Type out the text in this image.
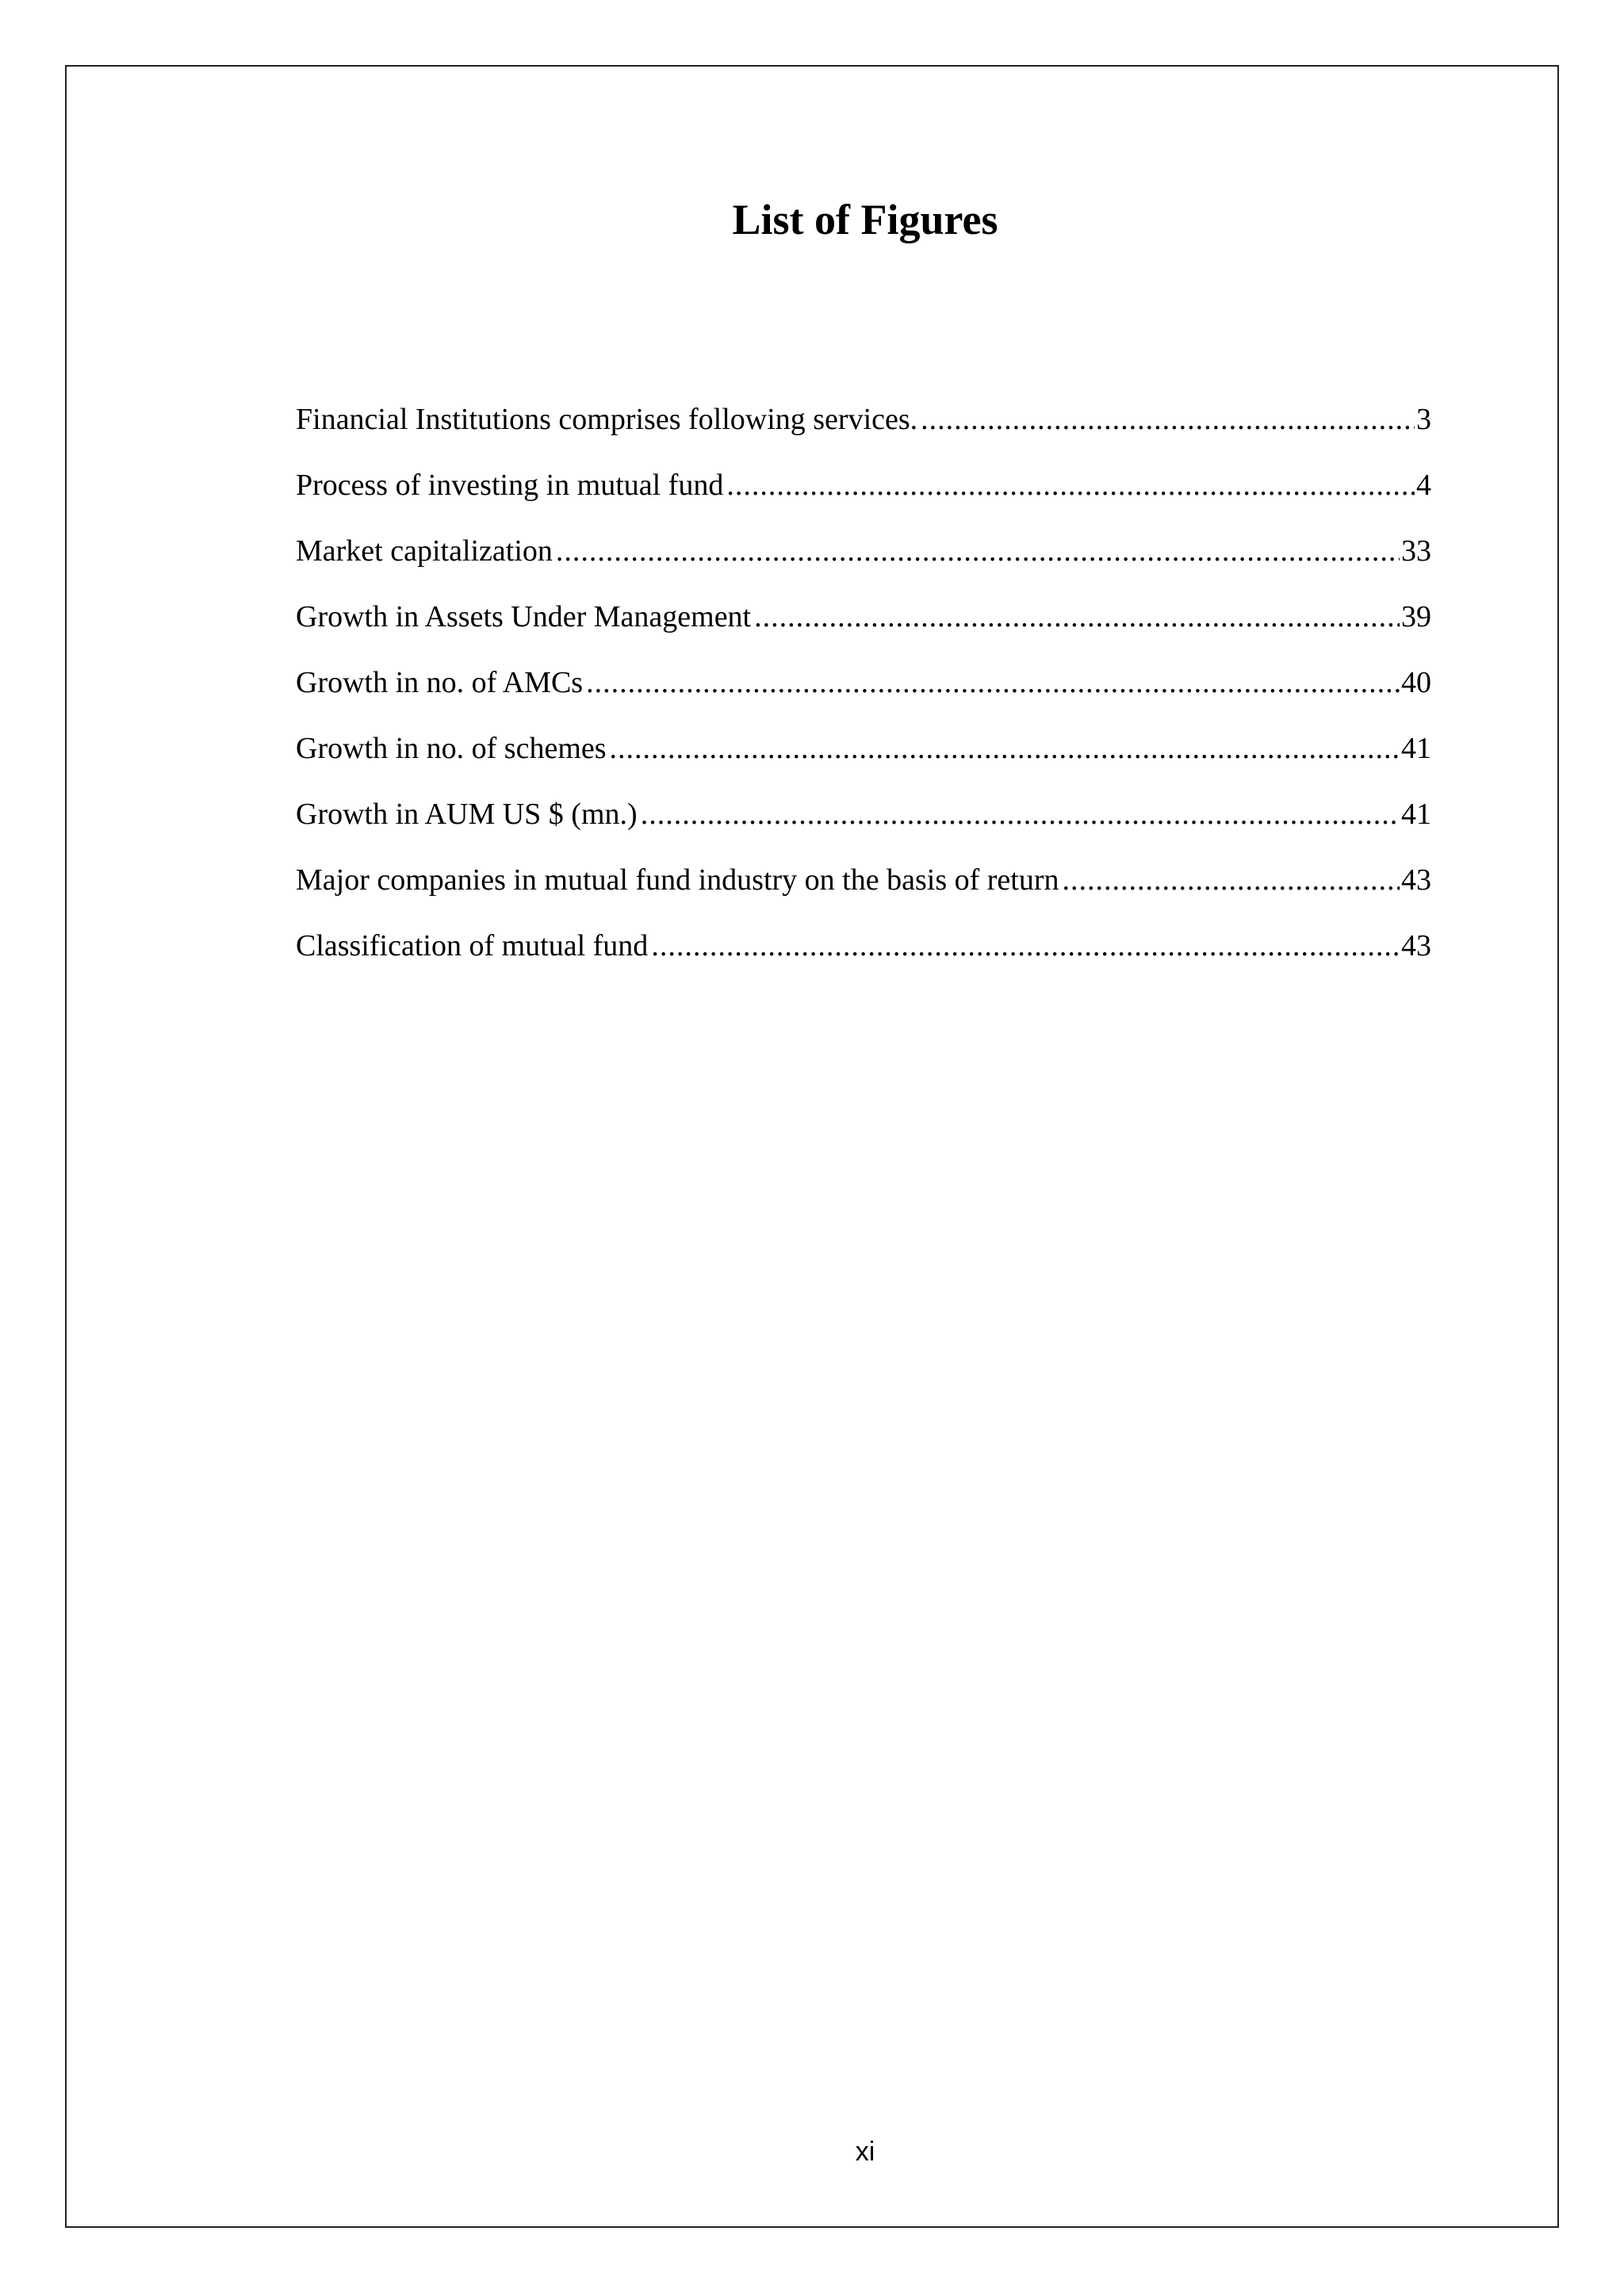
List of Figures
Financial Institutions comprises following services. .....	3
Process of investing in mutual fund .....	4
Market capitalization .....	33
Growth in Assets Under Management .....	39
Growth in no. of AMCs .....	40
Growth in no. of schemes .....	41
Growth in AUM US $ (mn.) .....	41
Major companies in mutual fund industry on the basis of return .....	43
Classification of mutual fund .....	43
xi
